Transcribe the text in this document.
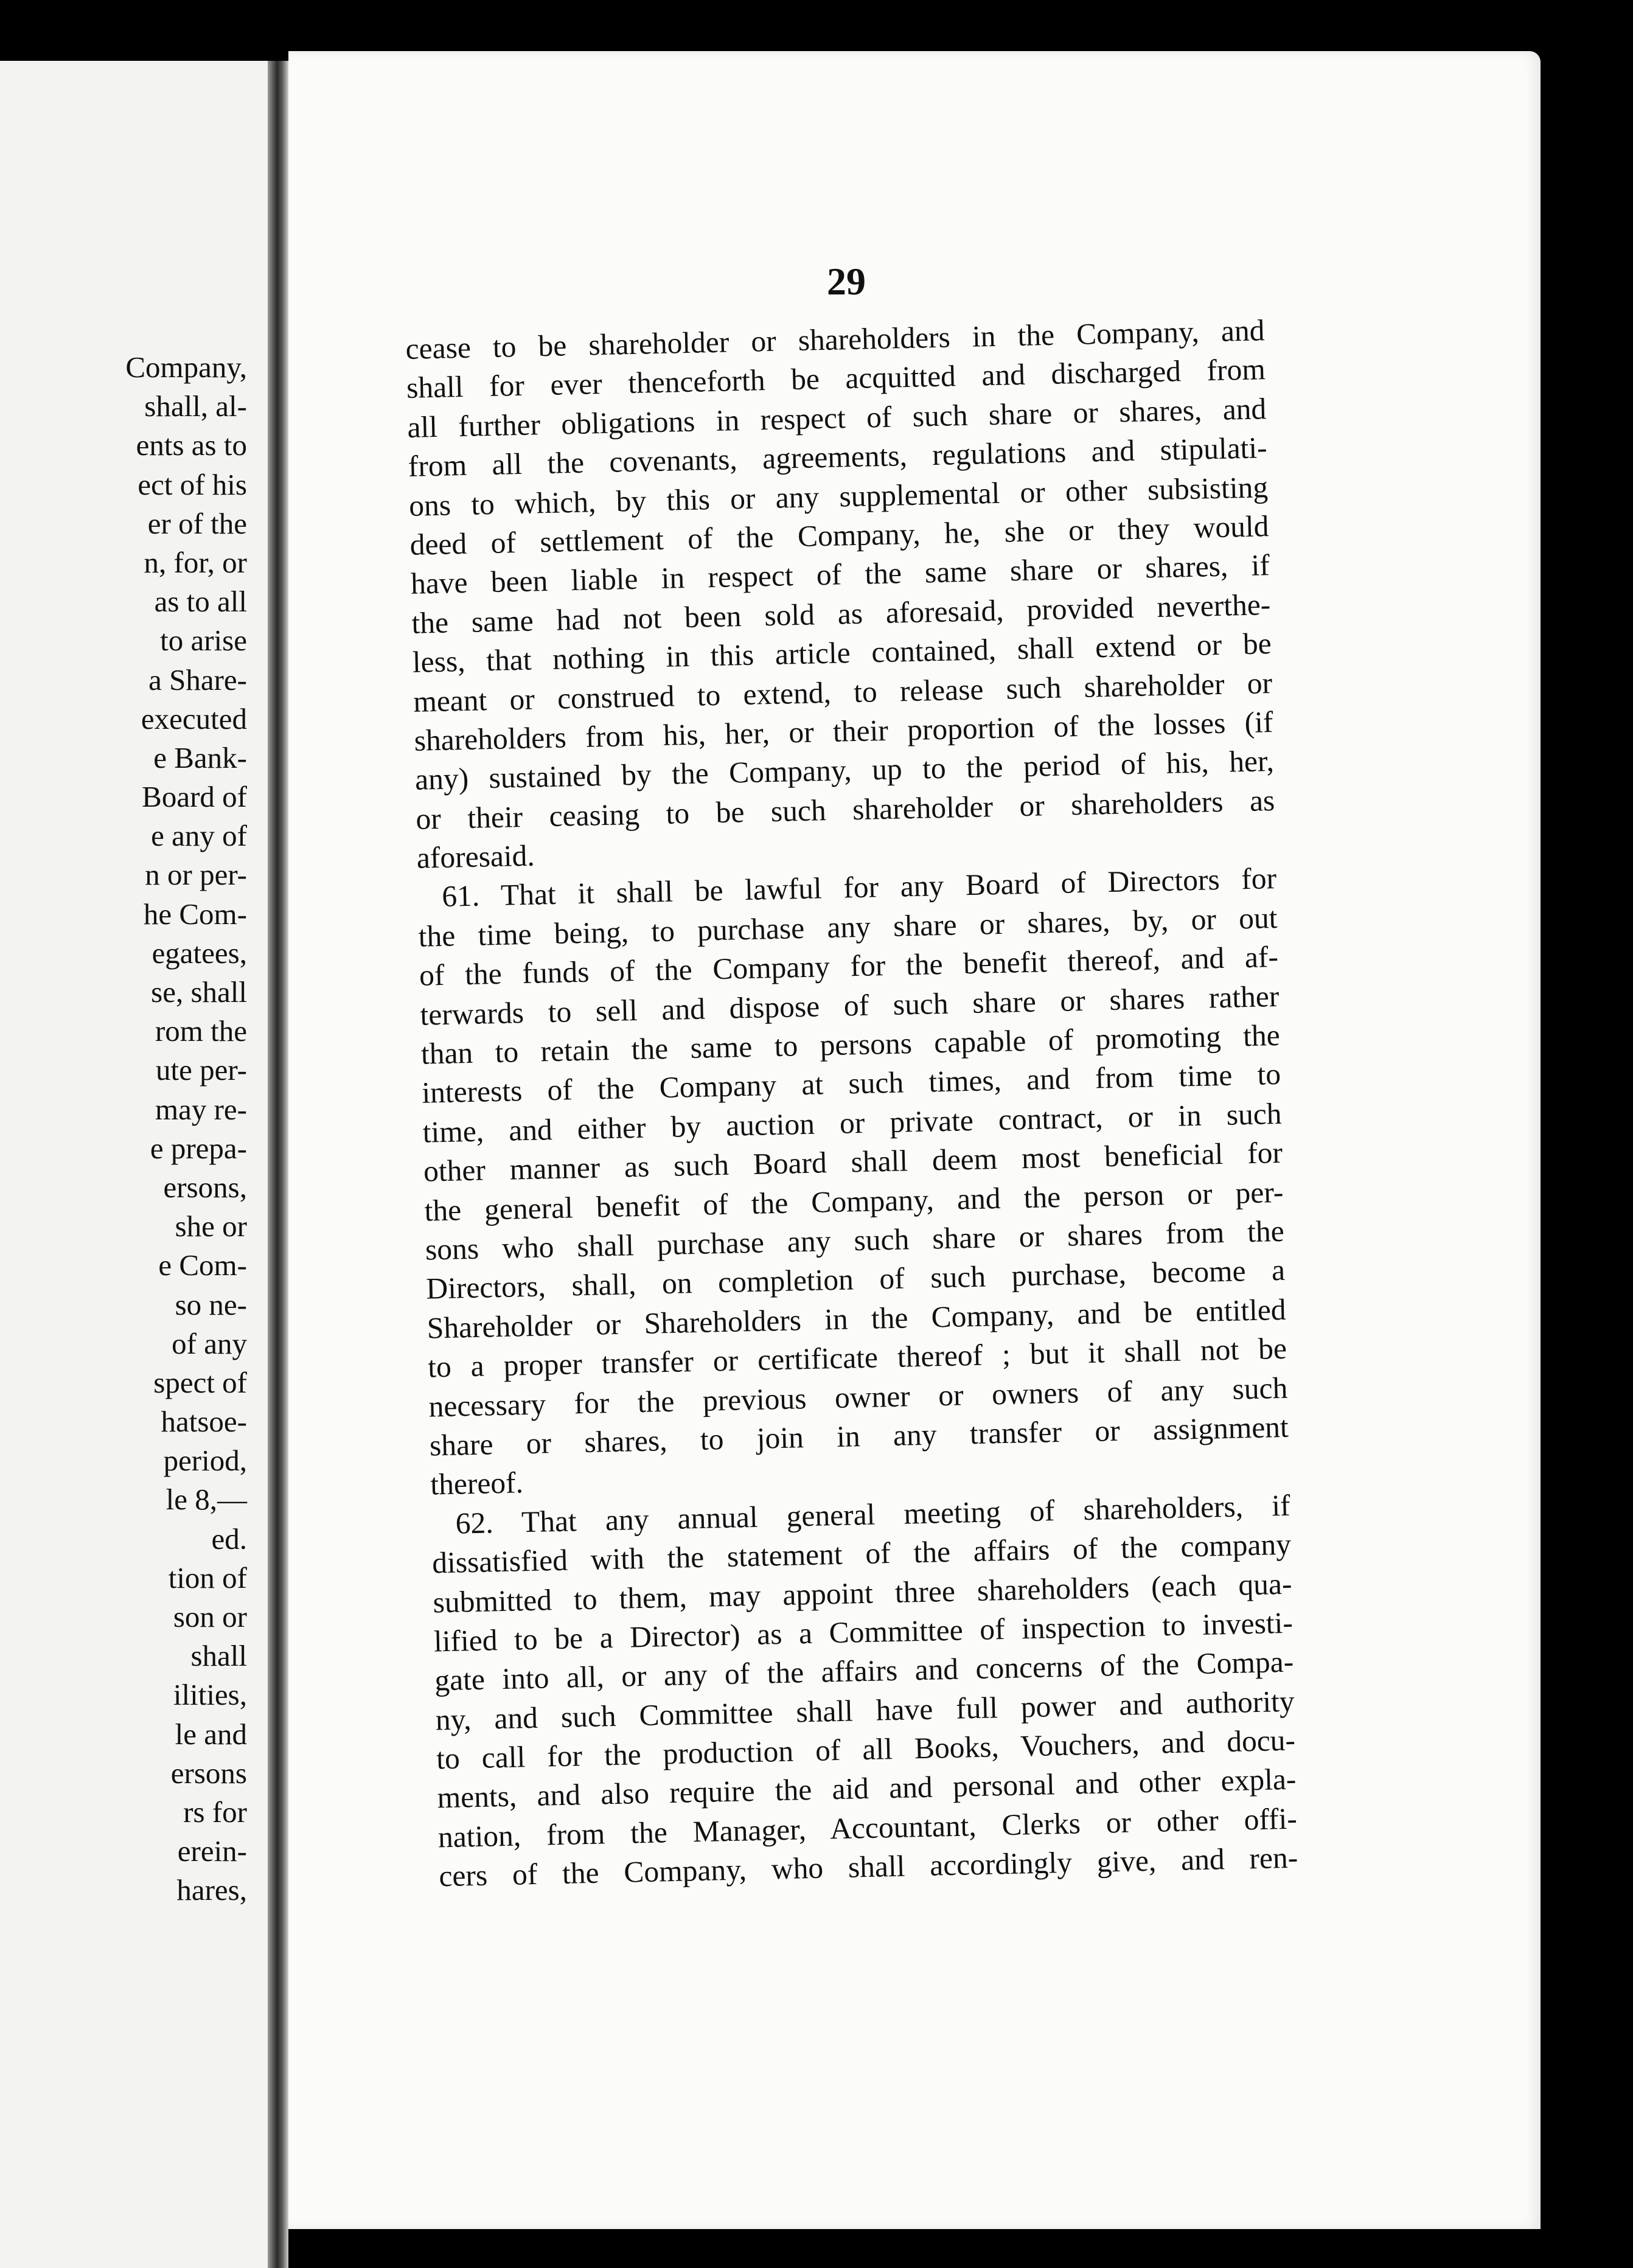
Company,
shall, al-
ents as to
ect of his
er of the
n, for, or
as to all
to arise
a Share-
executed
e Bank-
Board of
e any of
n or per-
he Com-
egatees,
se, shall
rom the
ute per-
may re-
e prepa-
ersons,
she or
e Com-
so ne-
of any
spect of
hatsoe-
period,
le 8,—
ed.
tion of
son or
shall
ilities,
le and
ersons
rs for
erein-
hares,
29
cease to be shareholder or shareholders in the Company, and
shall for ever thenceforth be acquitted and discharged from
all further obligations in respect of such share or shares, and
from all the covenants, agreements, regulations and stipulati-
ons to which, by this or any supplemental or other subsisting
deed of settlement of the Company, he, she or they would
have been liable in respect of the same share or shares, if
the same had not been sold as aforesaid, provided neverthe-
less, that nothing in this article contained, shall extend or be
meant or construed to extend, to release such shareholder or
shareholders from his, her, or their proportion of the losses (if
any) sustained by the Company, up to the period of his, her,
or their ceasing to be such shareholder or shareholders as
aforesaid.
61. That it shall be lawful for any Board of Directors for
the time being, to purchase any share or shares, by, or out
of the funds of the Company for the benefit thereof, and af-
terwards to sell and dispose of such share or shares rather
than to retain the same to persons capable of promoting the
interests of the Company at such times, and from time to
time, and either by auction or private contract, or in such
other manner as such Board shall deem most beneficial for
the general benefit of the Company, and the person or per-
sons who shall purchase any such share or shares from the
Directors, shall, on completion of such purchase, become a
Shareholder or Shareholders in the Company, and be entitled
to a proper transfer or certificate thereof ; but it shall not be
necessary for the previous owner or owners of any such
share or shares, to join in any transfer or assignment
thereof.
62. That any annual general meeting of shareholders, if
dissatisfied with the statement of the affairs of the company
submitted to them, may appoint three shareholders (each qua-
lified to be a Director) as a Committee of inspection to investi-
gate into all, or any of the affairs and concerns of the Compa-
ny, and such Committee shall have full power and authority
to call for the production of all Books, Vouchers, and docu-
ments, and also require the aid and personal and other expla-
nation, from the Manager, Accountant, Clerks or other offi-
cers of the Company, who shall accordingly give, and ren-
